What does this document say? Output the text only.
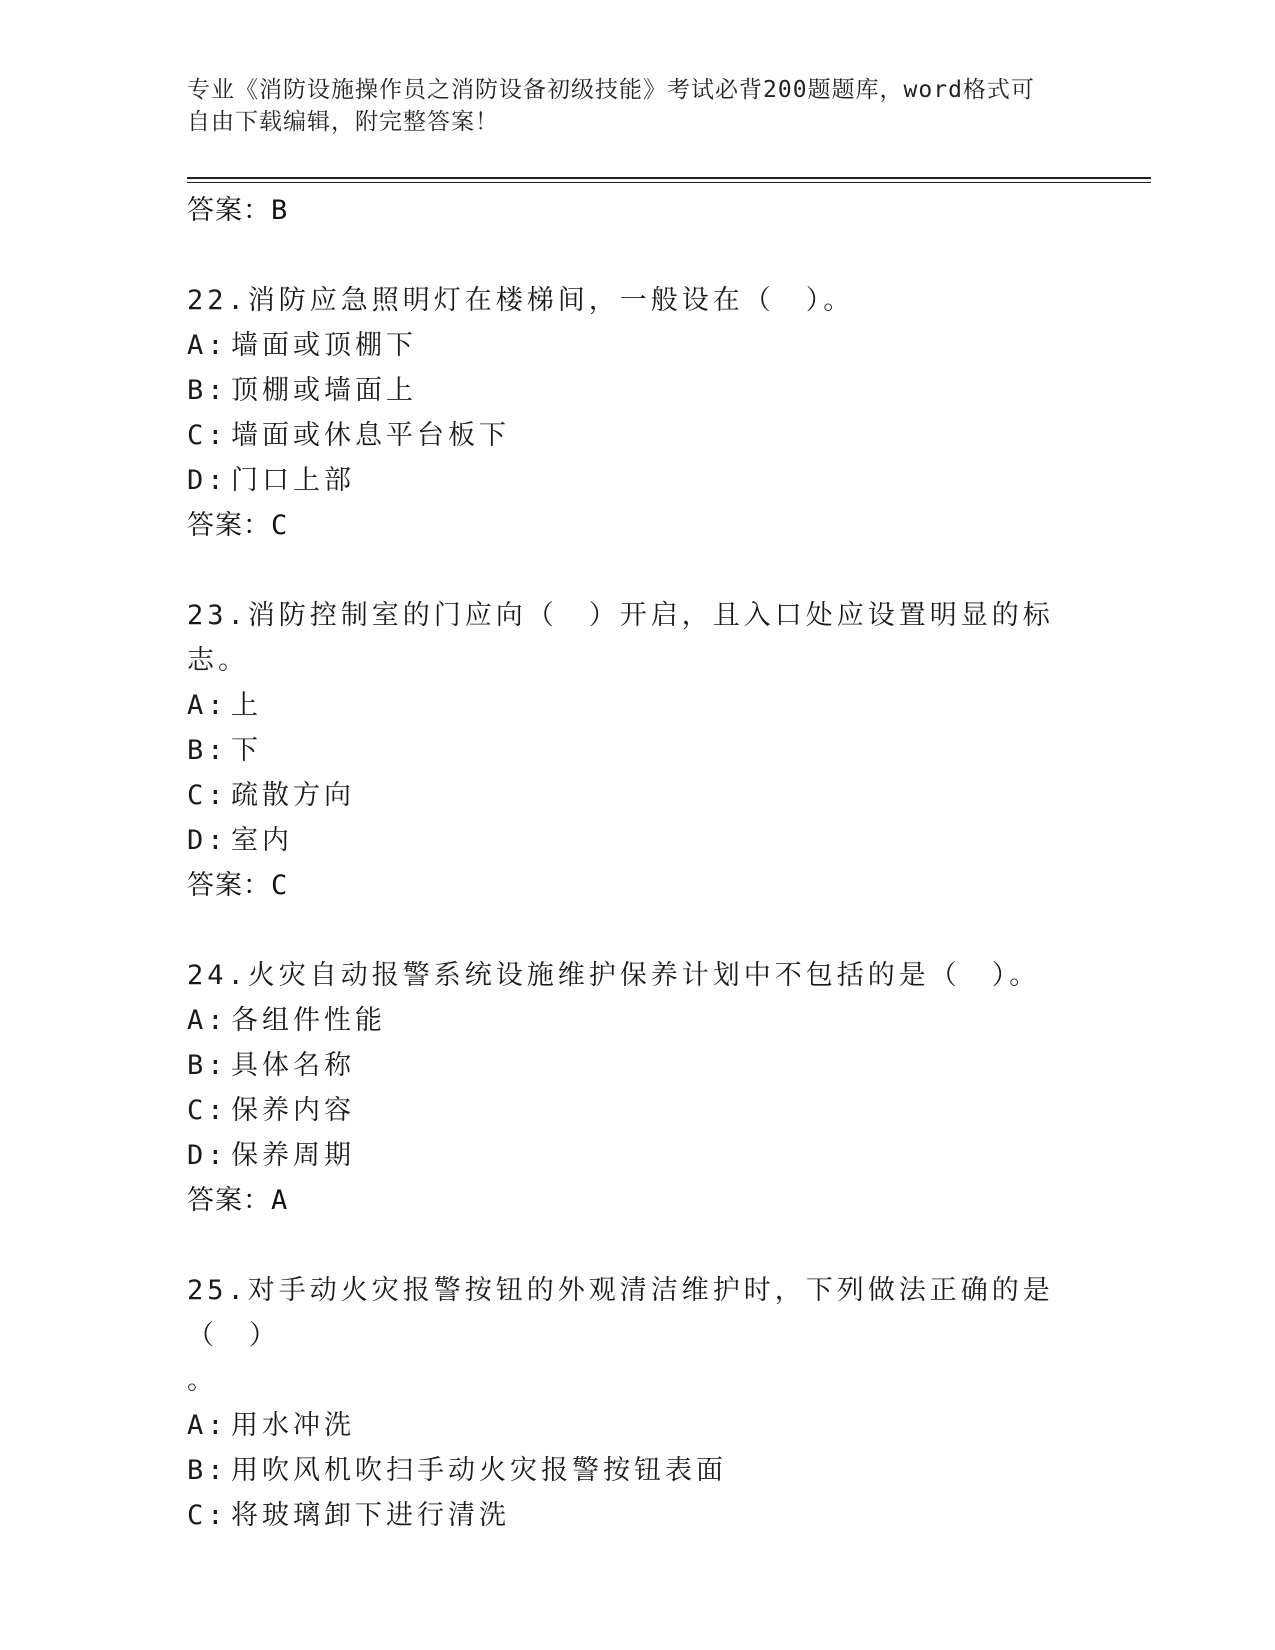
专业《消防设施操作员之消防设备初级技能》考试必背200题题库，word格式可
自由下载编辑，附完整答案！
答案：B
22.消防应急照明灯在楼梯间，一般设在（　）。
A: 墙面或顶棚下
B: 顶棚或墙面上
C: 墙面或休息平台板下
D: 门口上部
答案：C
23.消防控制室的门应向（　）开启，且入口处应设置明显的标志。
A: 上
B: 下
C: 疏散方向
D: 室内
答案：C
24.火灾自动报警系统设施维护保养计划中不包括的是（　）。
A: 各组件性能
B: 具体名称
C: 保养内容
D: 保养周期
答案：A
25.对手动火灾报警按钮的外观清洁维护时，下列做法正确的是（　）
。
A: 用水冲洗
B: 用吹风机吹扫手动火灾报警按钮表面
C: 将玻璃卸下进行清洗
